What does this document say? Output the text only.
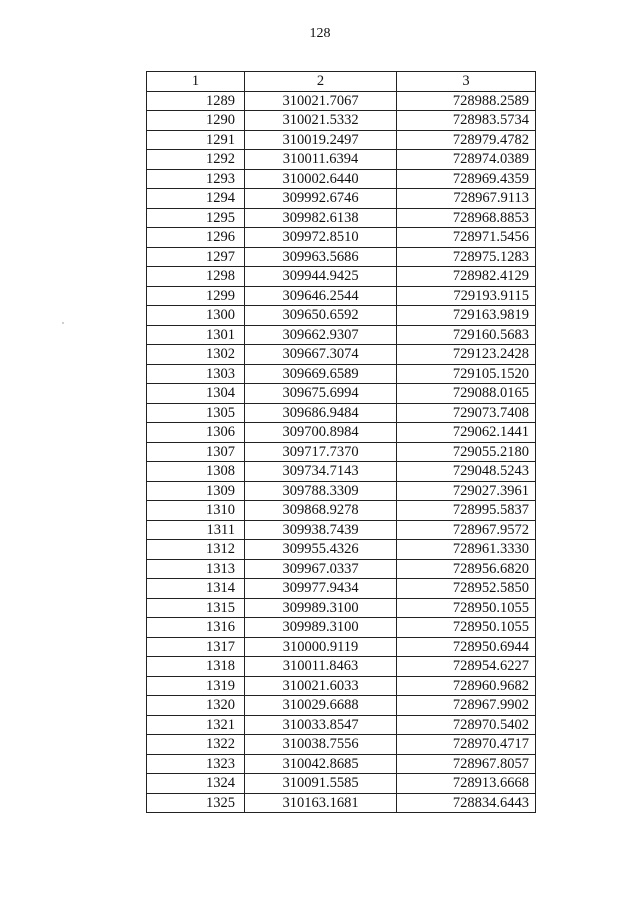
128
1	2	3
1289	310021.7067	728988.2589
1290	310021.5332	728983.5734
1291	310019.2497	728979.4782
1292	310011.6394	728974.0389
1293	310002.6440	728969.4359
1294	309992.6746	728967.9113
1295	309982.6138	728968.8853
1296	309972.8510	728971.5456
1297	309963.5686	728975.1283
1298	309944.9425	728982.4129
1299	309646.2544	729193.9115
1300	309650.6592	729163.9819
1301	309662.9307	729160.5683
1302	309667.3074	729123.2428
1303	309669.6589	729105.1520
1304	309675.6994	729088.0165
1305	309686.9484	729073.7408
1306	309700.8984	729062.1441
1307	309717.7370	729055.2180
1308	309734.7143	729048.5243
1309	309788.3309	729027.3961
1310	309868.9278	728995.5837
1311	309938.7439	728967.9572
1312	309955.4326	728961.3330
1313	309967.0337	728956.6820
1314	309977.9434	728952.5850
1315	309989.3100	728950.1055
1316	309989.3100	728950.1055
1317	310000.9119	728950.6944
1318	310011.8463	728954.6227
1319	310021.6033	728960.9682
1320	310029.6688	728967.9902
1321	310033.8547	728970.5402
1322	310038.7556	728970.4717
1323	310042.8685	728967.8057
1324	310091.5585	728913.6668
1325	310163.1681	728834.6443
